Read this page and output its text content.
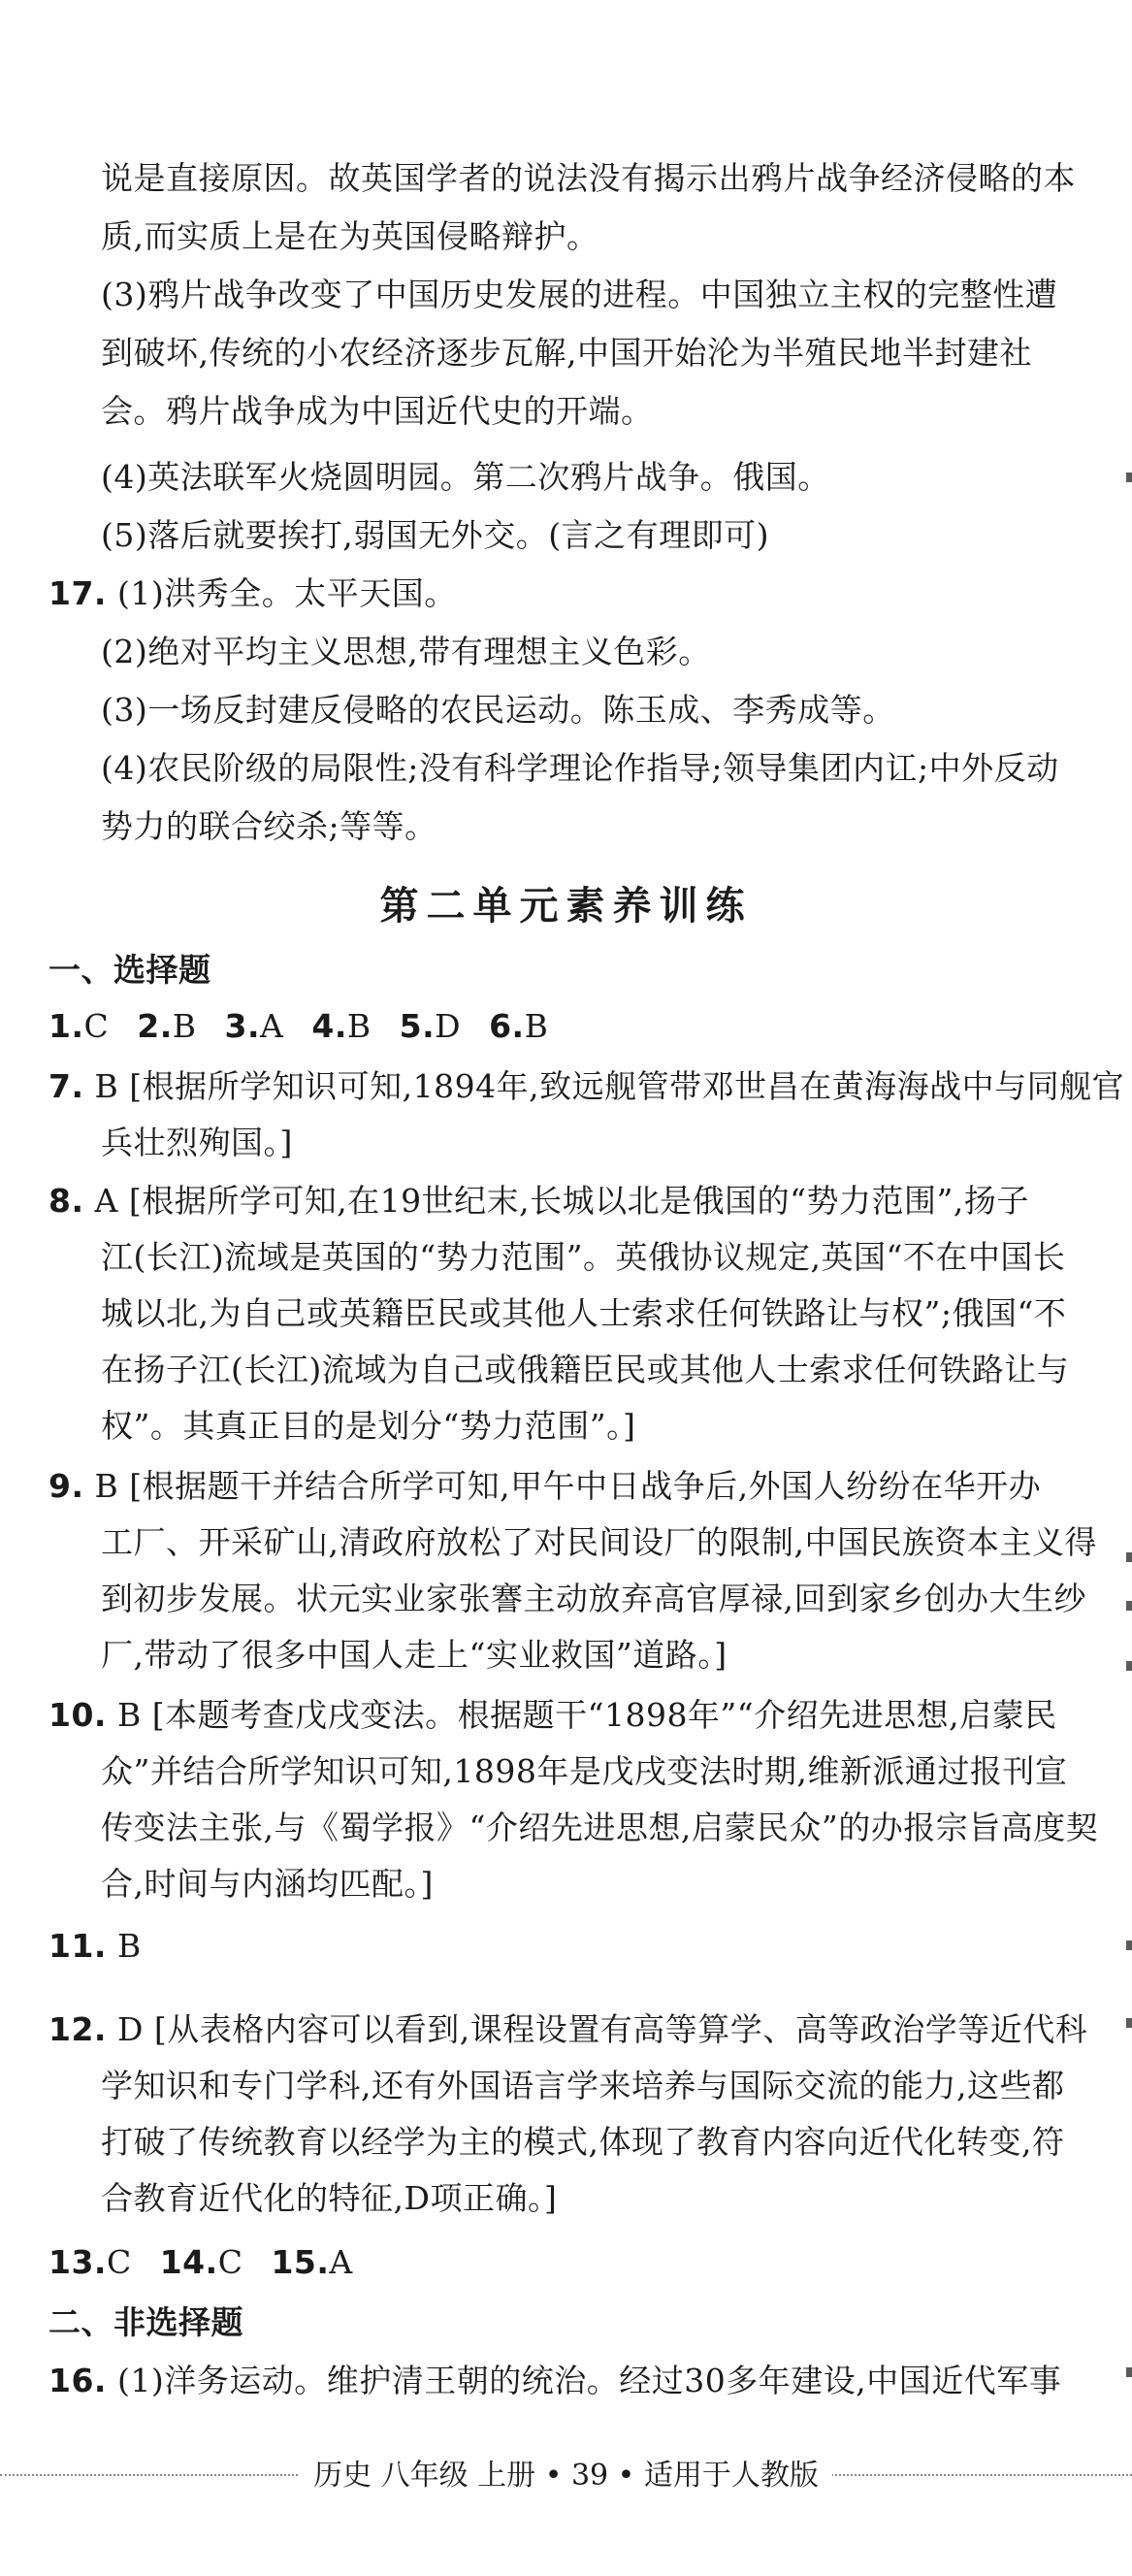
说是直接原因。故英国学者的说法没有揭示出鸦片战争经济侵略的本
质,而实质上是在为英国侵略辩护。
(3)鸦片战争改变了中国历史发展的进程。中国独立主权的完整性遭
到破坏,传统的小农经济逐步瓦解,中国开始沦为半殖民地半封建社
会。鸦片战争成为中国近代史的开端。
(4)英法联军火烧圆明园。第二次鸦片战争。俄国。
(5)落后就要挨打,弱国无外交。(言之有理即可)
17. (1)洪秀全。太平天国。
(2)绝对平均主义思想,带有理想主义色彩。
(3)一场反封建反侵略的农民运动。陈玉成、李秀成等。
(4)农民阶级的局限性;没有科学理论作指导;领导集团内讧;中外反动
势力的联合绞杀;等等。
第二单元素养训练
一、选择题
1.C 2.B 3.A 4.B 5.D 6.B
7. B [根据所学知识可知,1894年,致远舰管带邓世昌在黄海海战中与同舰官
兵壮烈殉国。]
8. A [根据所学可知,在19世纪末,长城以北是俄国的“势力范围”,扬子
江(长江)流域是英国的“势力范围”。英俄协议规定,英国“不在中国长
城以北,为自己或英籍臣民或其他人士索求任何铁路让与权”;俄国“不
在扬子江(长江)流域为自己或俄籍臣民或其他人士索求任何铁路让与
权”。其真正目的是划分“势力范围”。]
9. B [根据题干并结合所学可知,甲午中日战争后,外国人纷纷在华开办
工厂、开采矿山,清政府放松了对民间设厂的限制,中国民族资本主义得
到初步发展。状元实业家张謇主动放弃高官厚禄,回到家乡创办大生纱
厂,带动了很多中国人走上“实业救国”道路。]
10. B [本题考查戊戌变法。根据题干“1898年”“介绍先进思想,启蒙民
众”并结合所学知识可知,1898年是戊戌变法时期,维新派通过报刊宣
传变法主张,与《蜀学报》“介绍先进思想,启蒙民众”的办报宗旨高度契
合,时间与内涵均匹配。]
11. B
12. D [从表格内容可以看到,课程设置有高等算学、高等政治学等近代科
学知识和专门学科,还有外国语言学来培养与国际交流的能力,这些都
打破了传统教育以经学为主的模式,体现了教育内容向近代化转变,符
合教育近代化的特征,D项正确。]
13.C 14.C 15.A
二、非选择题
16. (1)洋务运动。维护清王朝的统治。经过30多年建设,中国近代军事
历史 八年级 上册 • 39 • 适用于人教版
